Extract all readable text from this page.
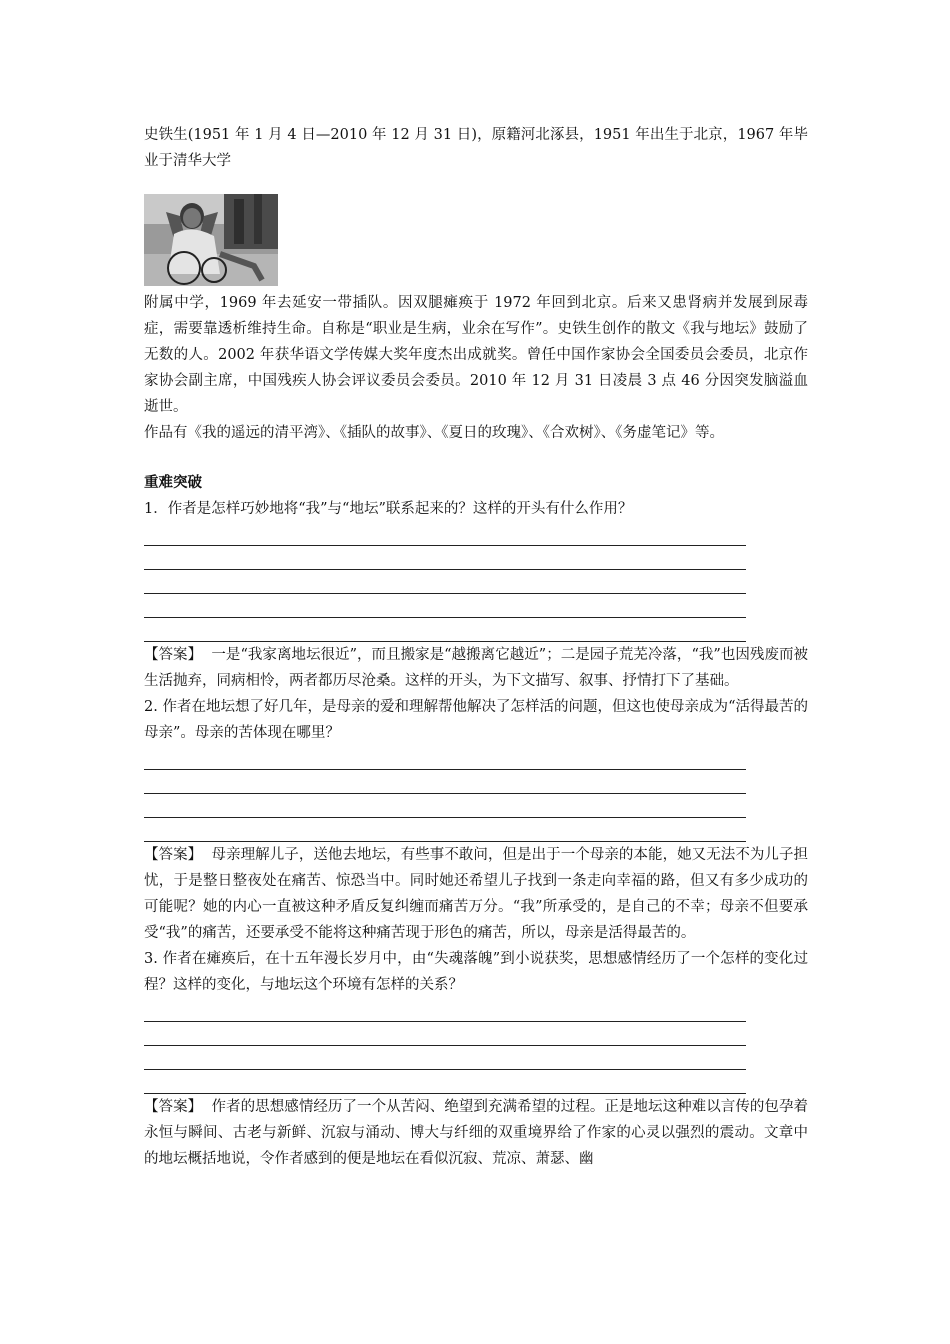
史铁生(1951 年 1 月 4 日—2010 年 12 月 31 日)，原籍河北涿县，1951 年出生于北京，1967 年毕业于清华大学

附属中学，1969 年去延安一带插队。因双腿瘫痪于 1972 年回到北京。后来又患肾病并发展到尿毒症，需要靠透析维持生命。自称是“职业是生病，业余在写作”。史铁生创作的散文《我与地坛》鼓励了无数的人。2002 年获华语文学传媒大奖年度杰出成就奖。曾任中国作家协会全国委员会委员，北京作家协会副主席，中国残疾人协会评议委员会委员。2010 年 12 月 31 日凌晨 3 点 46 分因突发脑溢血逝世。

作品有《我的遥远的清平湾》、《插队的故事》、《夏日的玫瑰》、《合欢树》、《务虚笔记》等。

重难突破

1．作者是怎样巧妙地将“我”与“地坛”联系起来的？这样的开头有什么作用？

【答案】 一是“我家离地坛很近”，而且搬家是“越搬离它越近”；二是园子荒芜冷落，“我”也因残废而被生活抛弃，同病相怜，两者都历尽沧桑。这样的开头，为下文描写、叙事、抒情打下了基础。

2. 作者在地坛想了好几年，是母亲的爱和理解帮他解决了怎样活的问题，但这也使母亲成为“活得最苦的母亲”。母亲的苦体现在哪里？

【答案】 母亲理解儿子，送他去地坛，有些事不敢问，但是出于一个母亲的本能，她又无法不为儿子担忧，于是整日整夜处在痛苦、惊恐当中。同时她还希望儿子找到一条走向幸福的路，但又有多少成功的可能呢？她的内心一直被这种矛盾反复纠缠而痛苦万分。“我”所承受的，是自己的不幸；母亲不但要承受“我”的痛苦，还要承受不能将这种痛苦现于形色的痛苦，所以，母亲是活得最苦的。

3. 作者在瘫痪后，在十五年漫长岁月中，由“失魂落魄”到小说获奖，思想感情经历了一个怎样的变化过程？这样的变化，与地坛这个环境有怎样的关系？

【答案】 作者的思想感情经历了一个从苦闷、绝望到充满希望的过程。正是地坛这种难以言传的包孕着永恒与瞬间、古老与新鲜、沉寂与涌动、博大与纤细的双重境界给了作家的心灵以强烈的震动。文章中的地坛概括地说，令作者感到的便是地坛在看似沉寂、荒凉、萧瑟、幽
